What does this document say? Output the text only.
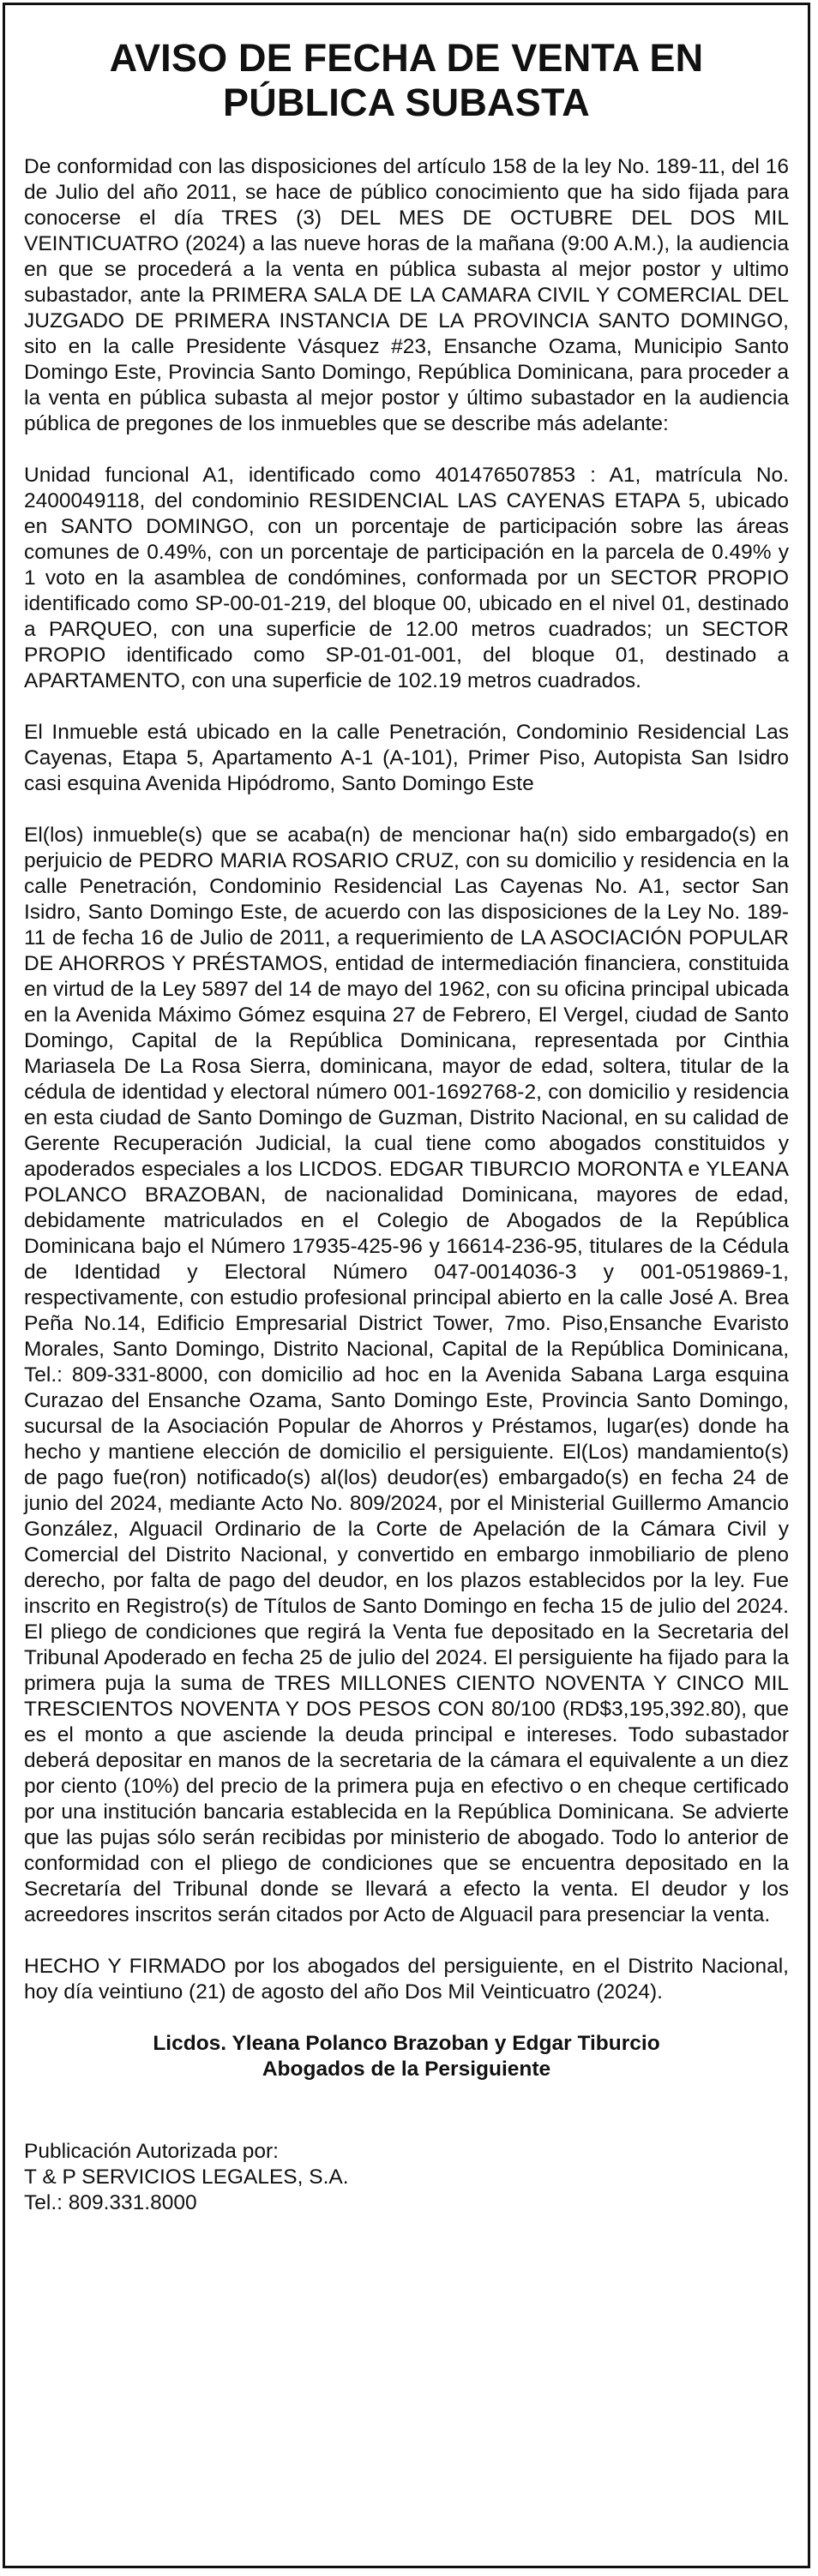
AVISO DE FECHA DE VENTA EN
PÚBLICA SUBASTA

De conformidad con las disposiciones del artículo 158 de la ley No. 189-11, del 16 de Julio del año 2011, se hace de público conocimiento que ha sido fijada para conocerse el día TRES (3) DEL MES DE OCTUBRE DEL DOS MIL VEINTICUATRO (2024) a las nueve horas de la mañana (9:00 A.M.), la audiencia en que se procederá a la venta en pública subasta al mejor postor y ultimo subastador, ante la PRIMERA SALA DE LA CAMARA CIVIL Y COMERCIAL DEL JUZGADO DE PRIMERA INSTANCIA DE LA PROVINCIA SANTO DOMINGO, sito en la calle Presidente Vásquez #23, Ensanche Ozama, Municipio Santo Domingo Este, Provincia Santo Domingo, República Dominicana, para proceder a la venta en pública subasta al mejor postor y último subastador en la audiencia pública de pregones de los inmuebles que se describe más adelante:

Unidad funcional A1, identificado como 401476507853 : A1, matrícula No. 2400049118, del condominio RESIDENCIAL LAS CAYENAS ETAPA 5, ubicado en SANTO DOMINGO, con un porcentaje de participación sobre las áreas comunes de 0.49%, con un porcentaje de participación en la parcela de 0.49% y 1 voto en la asamblea de condómines, conformada por un SECTOR PROPIO identificado como SP-00-01-219, del bloque 00, ubicado en el nivel 01, destinado a PARQUEO, con una superficie de 12.00 metros cuadrados; un SECTOR PROPIO identificado como SP-01-01-001, del bloque 01, destinado a APARTAMENTO, con una superficie de 102.19 metros cuadrados.

El Inmueble está ubicado en la calle Penetración, Condominio Residencial Las Cayenas, Etapa 5, Apartamento A-1 (A-101), Primer Piso, Autopista San Isidro casi esquina Avenida Hipódromo, Santo Domingo Este

El(los) inmueble(s) que se acaba(n) de mencionar ha(n) sido embargado(s) en perjuicio de PEDRO MARIA ROSARIO CRUZ, con su domicilio y residencia en la calle Penetración, Condominio Residencial Las Cayenas No. A1, sector San Isidro, Santo Domingo Este, de acuerdo con las disposiciones de la Ley No. 189-11 de fecha 16 de Julio de 2011, a requerimiento de LA ASOCIACIÓN POPULAR DE AHORROS Y PRÉSTAMOS, entidad de intermediación financiera, constituida en virtud de la Ley 5897 del 14 de mayo del 1962, con su oficina principal ubicada en la Avenida Máximo Gómez esquina 27 de Febrero, El Vergel, ciudad de Santo Domingo, Capital de la República Dominicana, representada por Cinthia Mariasela De La Rosa Sierra, dominicana, mayor de edad, soltera, titular de la cédula de identidad y electoral número 001-1692768-2, con domicilio y residencia en esta ciudad de Santo Domingo de Guzman, Distrito Nacional, en su calidad de Gerente Recuperación Judicial, la cual tiene como abogados constituidos y apoderados especiales a los LICDOS. EDGAR TIBURCIO MORONTA e YLEANA POLANCO BRAZOBAN, de nacionalidad Dominicana, mayores de edad, debidamente matriculados en el Colegio de Abogados de la República Dominicana bajo el Número 17935-425-96 y 16614-236-95, titulares de la Cédula de Identidad y Electoral Número 047-0014036-3 y 001-0519869-1, respectivamente, con estudio profesional principal abierto en la calle José A. Brea Peña No.14, Edificio Empresarial District Tower, 7mo. Piso,Ensanche Evaristo Morales, Santo Domingo, Distrito Nacional, Capital de la República Dominicana, Tel.: 809-331-8000, con domicilio ad hoc en la Avenida Sabana Larga esquina Curazao del Ensanche Ozama, Santo Domingo Este, Provincia Santo Domingo, sucursal de la Asociación Popular de Ahorros y Préstamos, lugar(es) donde ha hecho y mantiene elección de domicilio el persiguiente. El(Los) mandamiento(s) de pago fue(ron) notificado(s) al(los) deudor(es) embargado(s) en fecha 24 de junio del 2024, mediante Acto No. 809/2024, por el Ministerial Guillermo Amancio González, Alguacil Ordinario de la Corte de Apelación de la Cámara Civil y Comercial del Distrito Nacional, y convertido en embargo inmobiliario de pleno derecho, por falta de pago del deudor, en los plazos establecidos por la ley. Fue inscrito en Registro(s) de Títulos de Santo Domingo en fecha 15 de julio del 2024. El pliego de condiciones que regirá la Venta fue depositado en la Secretaria del Tribunal Apoderado en fecha 25 de julio del 2024. El persiguiente ha fijado para la primera puja la suma de TRES MILLONES CIENTO NOVENTA Y CINCO MIL TRESCIENTOS NOVENTA Y DOS PESOS CON 80/100 (RD$3,195,392.80), que es el monto a que asciende la deuda principal e intereses. Todo subastador deberá depositar en manos de la secretaria de la cámara el equivalente a un diez por ciento (10%) del precio de la primera puja en efectivo o en cheque certificado por una institución bancaria establecida en la República Dominicana. Se advierte que las pujas sólo serán recibidas por ministerio de abogado. Todo lo anterior de conformidad con el pliego de condiciones que se encuentra depositado en la Secretaría del Tribunal donde se llevará a efecto la venta. El deudor y los acreedores inscritos serán citados por Acto de Alguacil para presenciar la venta.

HECHO Y FIRMADO por los abogados del persiguiente, en el Distrito Nacional, hoy día veintiuno (21) de agosto del año Dos Mil Veinticuatro (2024).

Licdos. Yleana Polanco Brazoban y Edgar Tiburcio
Abogados de la Persiguiente
Publicación Autorizada por:
T & P SERVICIOS LEGALES, S.A.
Tel.: 809.331.8000
